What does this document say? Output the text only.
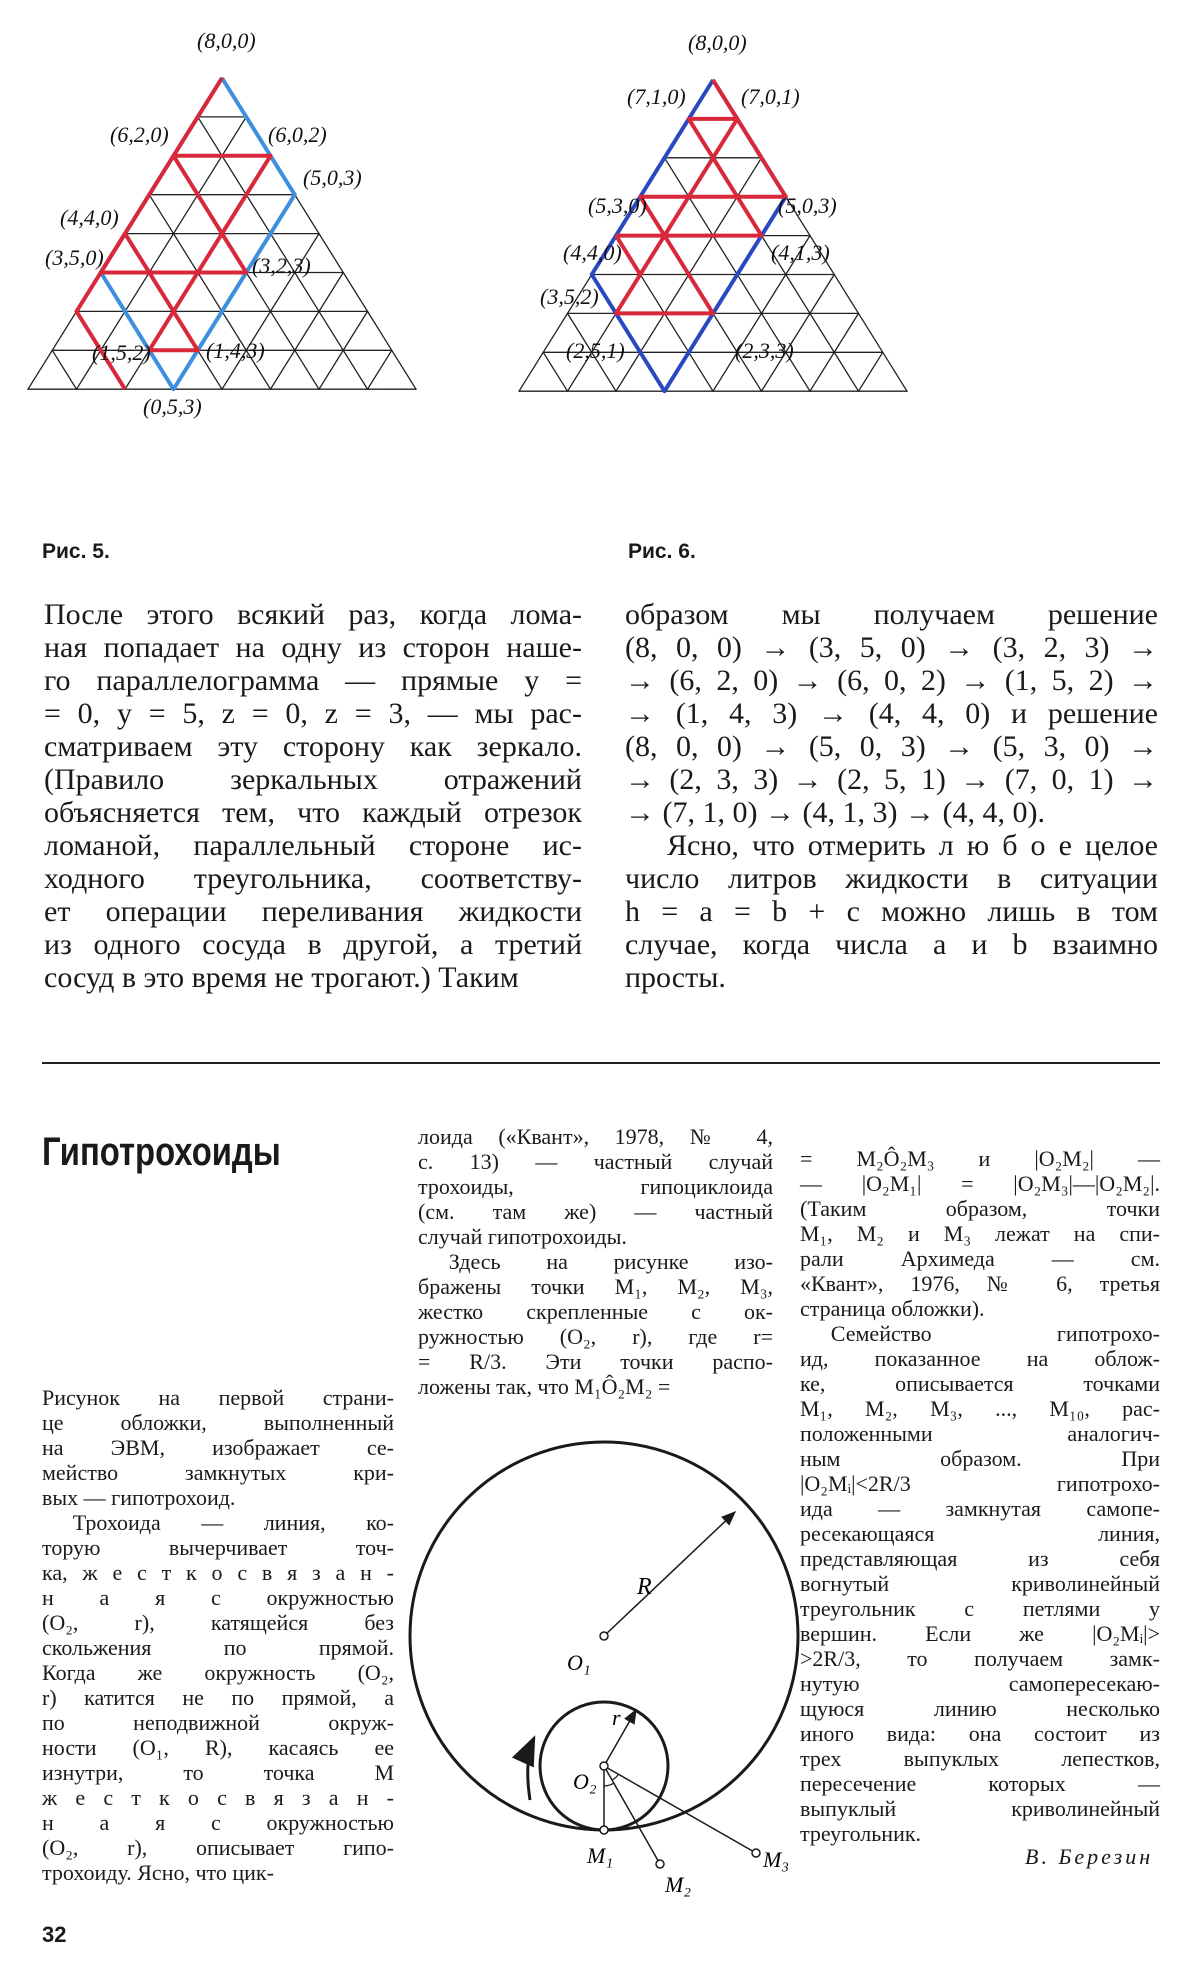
(8,0,0)
(6,2,0)	(6,0,2)
(5,0,3)
(4,4,0)
(3,5,0)	(3,2,3)
(1,5,2)	(1,4,3)
(0,5,3)
Рис. 5.
(8,0,0)
(7,1,0)	(7,0,1)
(5,3,0)	(5,0,3)
(4,4,0)	(4,1,3)
(3,5,2)
(2,5,1)	(2,3,3)
Рис. 6.
После этого всякий раз, когда лома-
ная попадает на одну из сторон наше-
го параллелограмма — прямые y =
= 0, y = 5, z = 0, z = 3, — мы рас-
сматриваем эту сторону как зеркало.
(Правило зеркальных отражений
объясняется тем, что каждый отрезок
ломаной, параллельный стороне ис-
ходного треугольника, соответству-
ет операции переливания жидкости
из одного сосуда в другой, а третий
сосуд в это время не трогают.) Таким
образом мы получаем решение
(8, 0, 0) → (3, 5, 0) → (3, 2, 3) →
→ (6, 2, 0) → (6, 0, 2) → (1, 5, 2) →
→ (1, 4, 3) → (4, 4, 0) и решение
(8, 0, 0) → (5, 0, 3) → (5, 3, 0) →
→ (2, 3, 3) → (2, 5, 1) → (7, 0, 1) →
→ (7, 1, 0) → (4, 1, 3) → (4, 4, 0).
Ясно, что отмерить л ю б о е целое
число литров жидкости в ситуации
h = a = b + c можно лишь в том
случае, когда числа a и b взаимно
просты.
Гипотрохоиды
Рисунок на первой страни-
це обложки, выполненный
на ЭВМ, изображает се-
мейство замкнутых кри-
вых — гипотрохоид.
Трохоида — линия, ко-
торую вычерчивает точ-
ка, ж е с т к о с в я з а н -
н а я с окружностью
(O₂, r), катящейся без
скольжения по прямой.
Когда же окружность (O₂,
r) катится не по прямой, а
по неподвижной окруж-
ности (O₁, R), касаясь ее
изнутри, то точка M
ж е с т к о с в я з а н -
н а я с окружностью
(O₂, r), описывает гипо-
трохоиду. Ясно, что цик-
лоида («Квант», 1978, № 4,
с. 13) — частный случай
трохоиды, гипоциклоида
(см. там же) — частный
случай гипотрохоиды.
Здесь на рисунке изо-
бражены точки M₁, M₂, M₃,
жестко скрепленные с ок-
ружностью (O₂, r), где r=
= R/3. Эти точки распо-
ложены так, что M₁Ô₂M₂ =
= M₂Ô₂M₃ и |O₂M₂| —
— |O₂M₁| = |O₂M₃|—|O₂M₂|.
(Таким образом, точки
M₁, M₂ и M₃ лежат на спи-
рали Архимеда — см.
«Квант», 1976, № 6, третья
страница обложки).
Семейство гипотрохо-
ид, показанное на облож-
ке, описывается точками
M₁, M₂, M₃, ..., M₁₀, рас-
положенными аналогич-
ным образом. При
|O₂Mᵢ|<2R/3 гипотрохо-
ида — замкнутая самопе-
ресекающаяся линия,
представляющая из себя
вогнутый криволинейный
треугольник с петлями у
вершин. Если же |O₂Mᵢ|>
>2R/3, то получаем замк-
нутую самопересекаю-
щуюся линию несколько
иного вида: она состоит из
трех выпуклых лепестков,
пересечение которых —
выпуклый криволинейный
треугольник.
В. Березин
R
r
O₁
O₂
M₁
M₂
M₃
32
